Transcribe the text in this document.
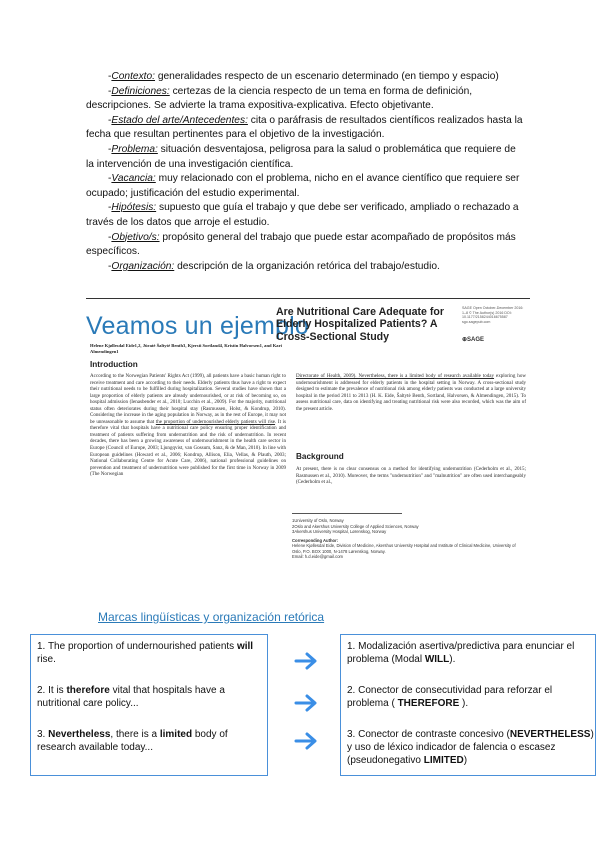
-Contexto: generalidades respecto de un escenario determinado (en tiempo y espacio)

-Definiciones: certezas de la ciencia respecto de un tema en forma de definición, descripciones. Se advierte la trama expositiva-explicativa. Efecto objetivante.

-Estado del arte/Antecedentes: cita o paráfrasis de resultados científicos realizados hasta la fecha que resultan pertinentes para el objetivo de la investigación.

-Problema: situación desventajosa, peligrosa para la salud o problemática que requiere de la intervención de una investigación científica.

-Vacancia: muy relacionado con el problema, nicho en el avance científico que requiere ser ocupado; justificación del estudio experimental.

-Hipótesis: supuesto que guía el trabajo y que debe ser verificado, ampliado o rechazado a través de los datos que arroje el estudio.

-Objetivo/s: propósito general del trabajo que puede estar acompañado de propósitos más específicos.

-Organización: descripción de la organización retórica del trabajo/estudio.

Veamos un ejemplo
Are Nutritional Care Adequate for Elderly Hospitalized Patients? A Cross-Sectional Study
SAGE Open October-December 2016: 1–8 © The Author(s) 2016 DOI: 10.1177/2158244016675587 sgo.sagepub.com
⊕SAGE
Helene Kjøllesdal Eide1,2, Jūratė Šaltytė Benth3, Kjersti Sortland4, Kristin Halvorsen1, and Kari Almendingen1
Introduction
According to the Norwegian Patients' Rights Act (1999), all patients have a basic human right to receive treatment and care according to their needs. Elderly patients thus have a right to expect their nutritional needs to be fulfilled during hospitalization. Several studies have shown that a large proportion of elderly patients are already undernourished, or at risk of becoming so, on hospital admission (Ienasbender et al., 2010; Lucchin et al., 2009). For the majority, nutritional status often deteriorates during their hospital stay (Rasmussen, Holst, & Kondrup, 2010). Considering the increase in the aging population in Norway, as in the rest of Europe, it may not be unreasonable to assume that the proportion of undernourished elderly patients will rise. It is therefore vital that hospitals have a nutritional care policy ensuring proper identification and treatment of patients suffering from undernutrition and the risk of undernutrition. In recent decades, there has been a growing awareness of undernourishment in the health care sector in Europe (Council of Europe, 2003; Ljungqvist, van Gossum, Sanz, & de Man, 2010). In line with European guidelines (Howard et al., 2006; Kondrup, Allison, Elia, Vellas, & Plauth, 2003; National Collaborating Centre for Acute Care, 2006), national professional guidelines on prevention and treatment of undernutrition were published for the first time in Norway in 2009 (The Norwegian
Directorate of Health, 2009). Nevertheless, there is a limited body of research available today exploring how undernourishment is addressed for elderly patients in the hospital setting in Norway. A cross-sectional study designed to estimate the prevalence of nutritional risk among elderly patients was conducted at a large university hospital in the period 2011 to 2013 (H. K. Eide, Šaltytė Benth, Sortland, Halvorsen, & Almendingen, 2015). To assess nutritional care, data on identifying and treating nutritional risk were also recorded, which was the aim of the present article.
Background
At present, there is no clear consensus on a method for identifying undernutrition (Cederholm et al., 2015; Rasmussen et al., 2010). Moreover, the terms "undernutrition" and "malnutrition" are often used interchangeably (Cederholm et al.,
1University of Oslo, Norway
2Oslo and Akershus University College of Applied Sciences, Norway
3Akershus University Hospital, Lørenskog, Norway
Corresponding Author:
Helene Kjøllesdal Eide, Division of Medicine, Akershus University Hospital and Institute of Clinical Medicine, University of Oslo, P.O. BOX 1000, N-1478 Lørenskog, Norway.
Email: h.d.eide@gmail.com
Marcas lingüísticas y organización retórica
1. The proportion of undernourished patients will rise.
2. It is therefore vital that hospitals have a nutritional care policy...
3. Nevertheless, there is a limited body of research available today...
1. Modalización asertiva/predictiva para enunciar el problema (Modal WILL).
2. Conector de consecutividad para reforzar el problema ( THEREFORE ).
3. Conector de contraste concesivo (NEVERTHELESS) y uso de léxico indicador de falencia o escasez (pseudonegativo LIMITED)
